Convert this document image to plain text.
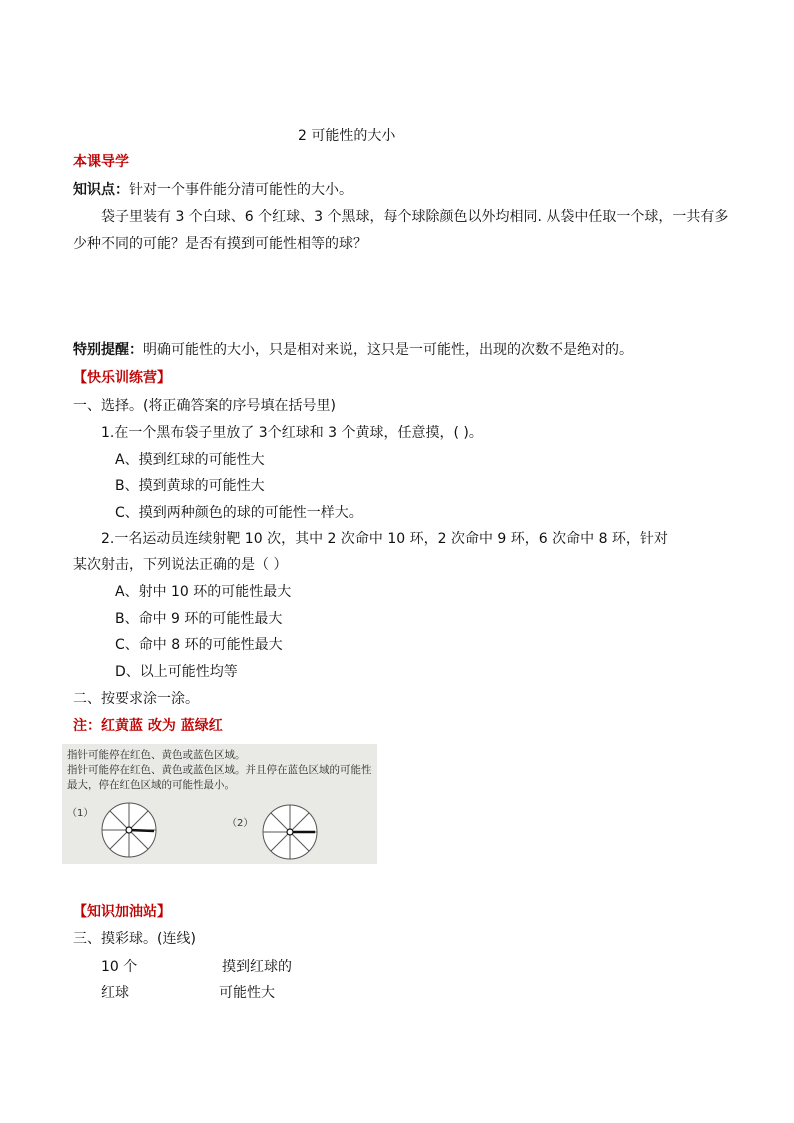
2 可能性的大小
本课导学
知识点：针对一个事件能分清可能性的大小。
袋子里装有 3 个白球、6 个红球、3 个黑球，每个球除颜色以外均相同. 从袋中任取一个球，一共有多
少种不同的可能？是否有摸到可能性相等的球？
特别提醒：明确可能性的大小，只是相对来说，这只是一可能性，出现的次数不是绝对的。
【快乐训练营】
一、选择。(将正确答案的序号填在括号里)
1.在一个黑布袋子里放了 3个红球和 3 个黄球，任意摸，( )。
A、摸到红球的可能性大
B、摸到黄球的可能性大
C、摸到两种颜色的球的可能性一样大。
2.一名运动员连续射靶 10 次，其中 2 次命中 10 环，2 次命中 9 环，6 次命中 8 环，针对
某次射击，下列说法正确的是（ ）
A、射中 10 环的可能性最大
B、命中 9 环的可能性最大
C、命中 8 环的可能性最大
D、以上可能性均等
二、按要求涂一涂。
注：红黄蓝 改为 蓝绿红
指针可能停在红色、黄色或蓝色区域。
指针可能停在红色、黄色或蓝色区域。并且停在蓝色区域的可能性
最大，停在红色区域的可能性最小。
（1）
（2）
【知识加油站】
三、摸彩球。(连线)
10 个	摸到红球的
红球	可能性大
